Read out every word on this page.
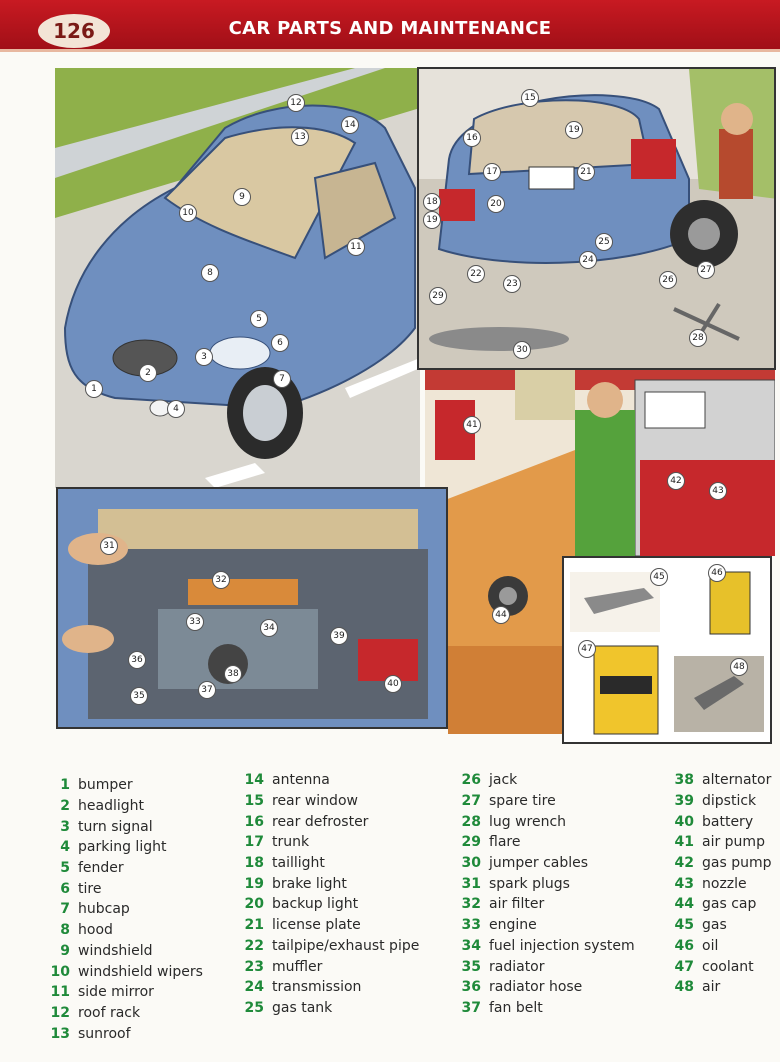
126	CAR PARTS AND MAINTENANCE
1
2
3
4
5
6
7
8
9
10
11
12
13
14
15
16
17
18
19
19
20
21
22
23
24
25
26
27
28
29
30
41
42
43
31
32
33
34
35
36
37
38
39
40
44
45	46
47
48
1 bumper
2 headlight
3 turn signal
4 parking light
5 fender
6 tire
7 hubcap
8 hood
9 windshield
10 windshield wipers
11 side mirror
12 roof rack
13 sunroof
14 antenna
15 rear window
16 rear defroster
17 trunk
18 taillight
19 brake light
20 backup light
21 license plate
22 tailpipe/exhaust pipe
23 muffler
24 transmission
25 gas tank
26 jack
27 spare tire
28 lug wrench
29 flare
30 jumper cables
31 spark plugs
32 air filter
33 engine
34 fuel injection system
35 radiator
36 radiator hose
37 fan belt
38 alternator
39 dipstick
40 battery
41 air pump
42 gas pump
43 nozzle
44 gas cap
45 gas
46 oil
47 coolant
48 air
